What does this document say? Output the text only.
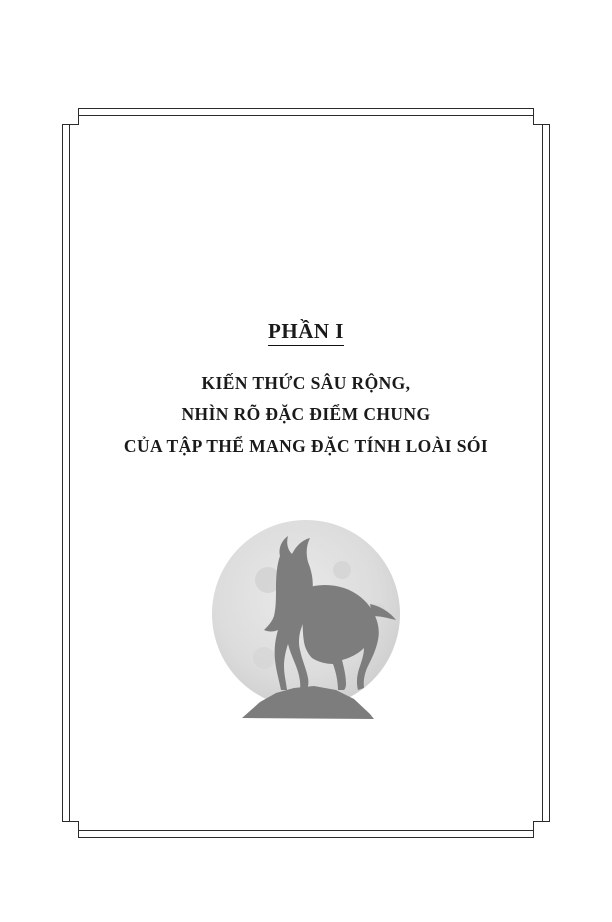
PHẦN I
KIẾN THỨC SÂU RỘNG,
NHÌN RÕ ĐẶC ĐIỂM CHUNG
CỦA TẬP THỂ MANG ĐẶC TÍNH LOÀI SÓI
